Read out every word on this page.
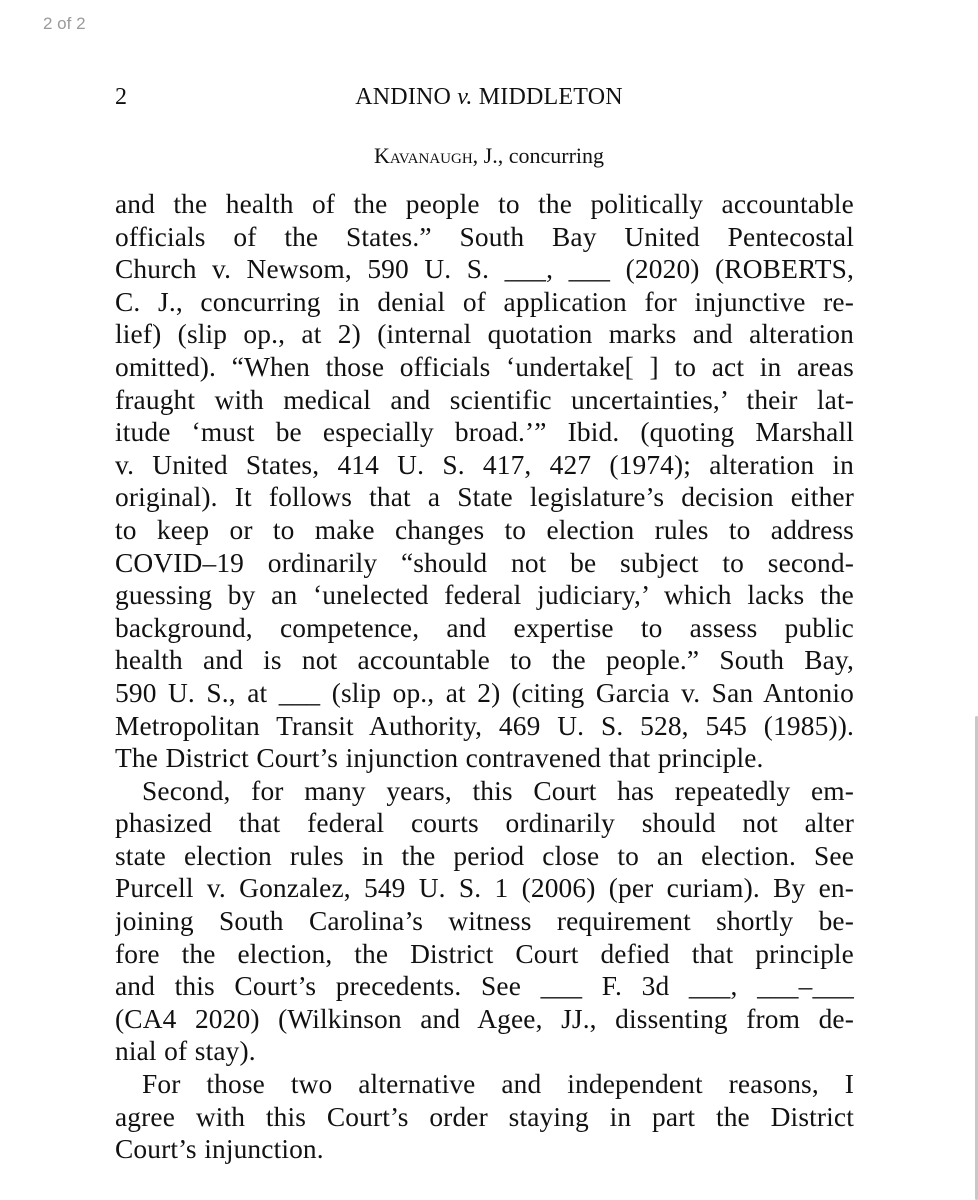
2 of 2
2	ANDINO v. MIDDLETON
Kavanaugh, J., concurring

and the health of the people to the politically accountable
officials of the States.” South Bay United Pentecostal
Church v. Newsom, 590 U. S. ___, ___ (2020) (ROBERTS,
C. J., concurring in denial of application for injunctive re-
lief) (slip op., at 2) (internal quotation marks and alteration
omitted). “When those officials ‘undertake[ ] to act in areas
fraught with medical and scientific uncertainties,’ their lat-
itude ‘must be especially broad.’” Ibid. (quoting Marshall
v. United States, 414 U. S. 417, 427 (1974); alteration in
original). It follows that a State legislature’s decision either
to keep or to make changes to election rules to address
COVID–19 ordinarily “should not be subject to second-
guessing by an ‘unelected federal judiciary,’ which lacks the
background, competence, and expertise to assess public
health and is not accountable to the people.” South Bay,
590 U. S., at ___ (slip op., at 2) (citing Garcia v. San Antonio
Metropolitan Transit Authority, 469 U. S. 528, 545 (1985)).
The District Court’s injunction contravened that principle.

Second, for many years, this Court has repeatedly em-
phasized that federal courts ordinarily should not alter
state election rules in the period close to an election. See
Purcell v. Gonzalez, 549 U. S. 1 (2006) (per curiam). By en-
joining South Carolina’s witness requirement shortly be-
fore the election, the District Court defied that principle
and this Court’s precedents. See ___ F. 3d ___, ___–___
(CA4 2020) (Wilkinson and Agee, JJ., dissenting from de-
nial of stay).

For those two alternative and independent reasons, I
agree with this Court’s order staying in part the District
Court’s injunction.
